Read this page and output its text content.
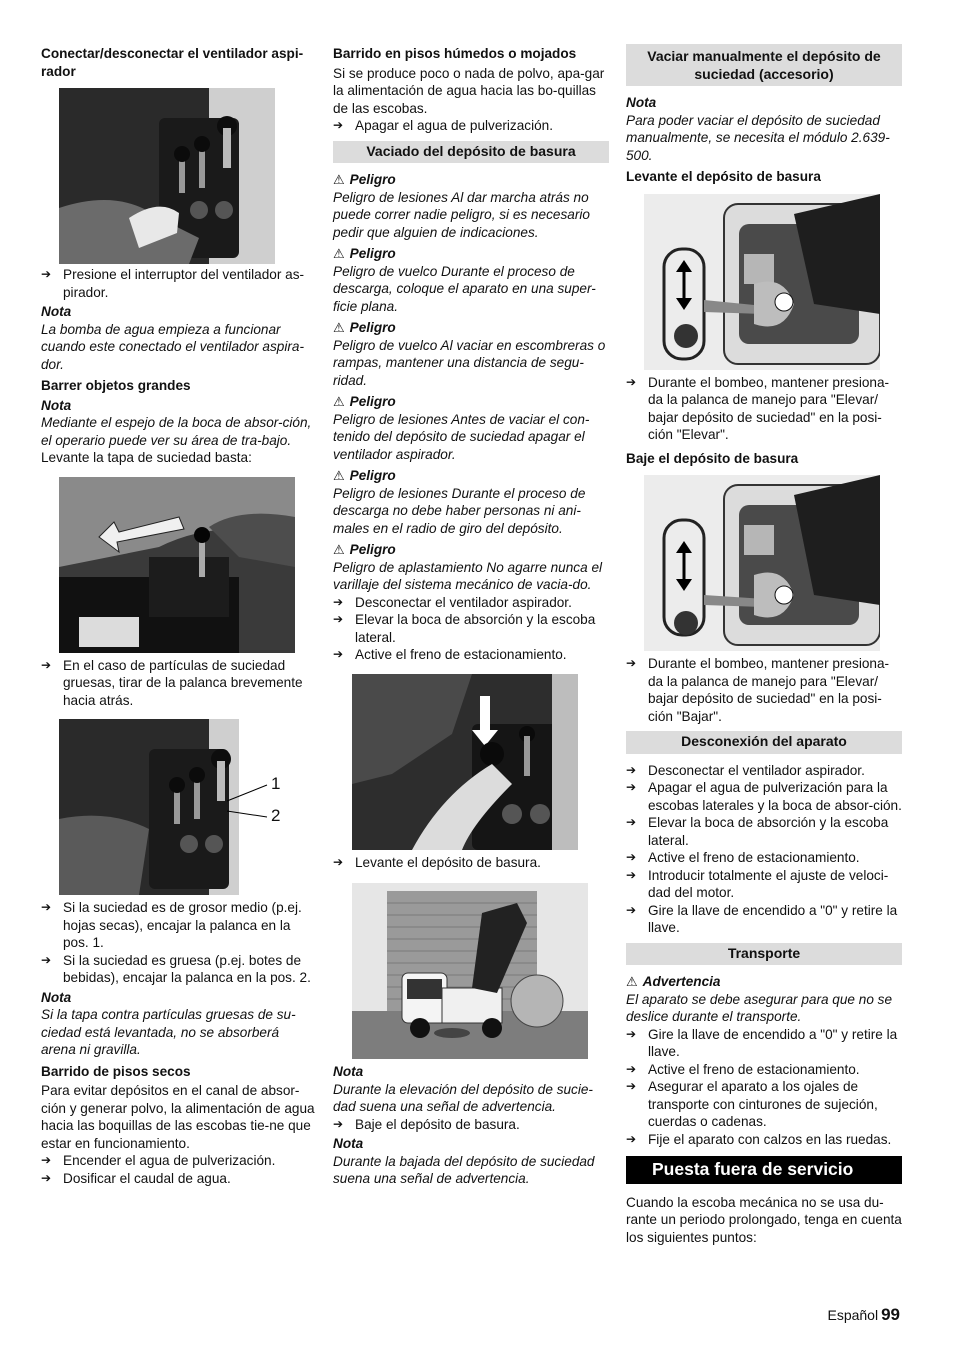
Conectar/desconectar el ventilador aspi-rador
➔ Presione el interruptor del ventilador as-pirador.
Nota

La bomba de agua empieza a funcionar cuando este conectado el ventilador aspira-dor.

Barrer objetos grandes
Nota

Mediante el espejo de la boca de absor-ción, el operario puede ver su área de tra-bajo.

Levante la tapa de suciedad basta:

➔ En el caso de partículas de suciedad gruesas, tirar de la palanca brevemente hacia atrás.
1
2
➔ Si la suciedad es de grosor medio (p.ej. hojas secas), encajar la palanca en la pos. 1.
➔ Si la suciedad es gruesa (p.ej. botes de bebidas), encajar la palanca en la pos. 2.
Nota

Si la tapa contra partículas gruesas de su-ciedad está levantada, no se absorberá arena ni gravilla.

Barrido de pisos secos

Para evitar depósitos en el canal de absor-ción y generar polvo, la alimentación de agua hacia las boquillas de las escobas tie-ne que estar en funcionamiento.

➔ Encender el agua de pulverización.
➔ Dosificar el caudal de agua.
Barrido en pisos húmedos o mojados

Si se produce poco o nada de polvo, apa-gar la alimentación de agua hacia las bo-quillas de las escobas.

➔ Apagar el agua de pulverización.
Vaciado del depósito de basura
⚠ Peligro

Peligro de lesiones Al dar marcha atrás no puede correr nadie peligro, si es necesario pedir que alguien de indicaciones.

⚠ Peligro

Peligro de vuelco Durante el proceso de descarga, coloque el aparato en una super-ficie plana.

⚠ Peligro

Peligro de vuelco Al vaciar en escombreras o rampas, mantener una distancia de segu-ridad.

⚠ Peligro

Peligro de lesiones Antes de vaciar el con-tenido del depósito de suciedad apagar el ventilador aspirador.

⚠ Peligro

Peligro de lesiones Durante el proceso de descarga no debe haber personas ni ani-males en el radio de giro del depósito.

⚠ Peligro

Peligro de aplastamiento No agarre nunca el varillaje del sistema mecánico de vacia-do.

➔ Desconectar el ventilador aspirador.
➔ Elevar la boca de absorción y la escoba lateral.
➔ Active el freno de estacionamiento.
➔ Levante el depósito de basura.
Nota

Durante la elevación del depósito de sucie-dad suena una señal de advertencia.

➔ Baje el depósito de basura.
Nota

Durante la bajada del depósito de suciedad suena una señal de advertencia.

Vaciar manualmente el depósito de suciedad (accesorio)
Nota

Para poder vaciar el depósito de suciedad manualmente, se necesita el módulo 2.639-500.

Levante el depósito de basura
➔ Durante el bombeo, mantener presiona-da la palanca de manejo para "Elevar/ bajar depósito de suciedad" en la posi-ción "Elevar".
Baje el depósito de basura
➔ Durante el bombeo, mantener presiona-da la palanca de manejo para "Elevar/ bajar depósito de suciedad" en la posi-ción "Bajar".
Desconexión del aparato
➔ Desconectar el ventilador aspirador.
➔ Apagar el agua de pulverización para la escobas laterales y la boca de absor-ción.
➔ Elevar la boca de absorción y la escoba lateral.
➔ Active el freno de estacionamiento.
➔ Introducir totalmente el ajuste de veloci-dad del motor.
➔ Gire la llave de encendido a "0" y retire la llave.
Transporte
⚠ Advertencia

El aparato se debe asegurar para que no se deslice durante el transporte.

➔ Gire la llave de encendido a "0" y retire la llave.
➔ Active el freno de estacionamiento.
➔ Asegurar el aparato a los ojales de transporte con cinturones de sujeción, cuerdas o cadenas.
➔ Fije el aparato con calzos en las ruedas.
Puesta fuera de servicio

Cuando la escoba mecánica no se usa du-rante un periodo prolongado, tenga en cuenta los siguientes puntos:

Español 99
